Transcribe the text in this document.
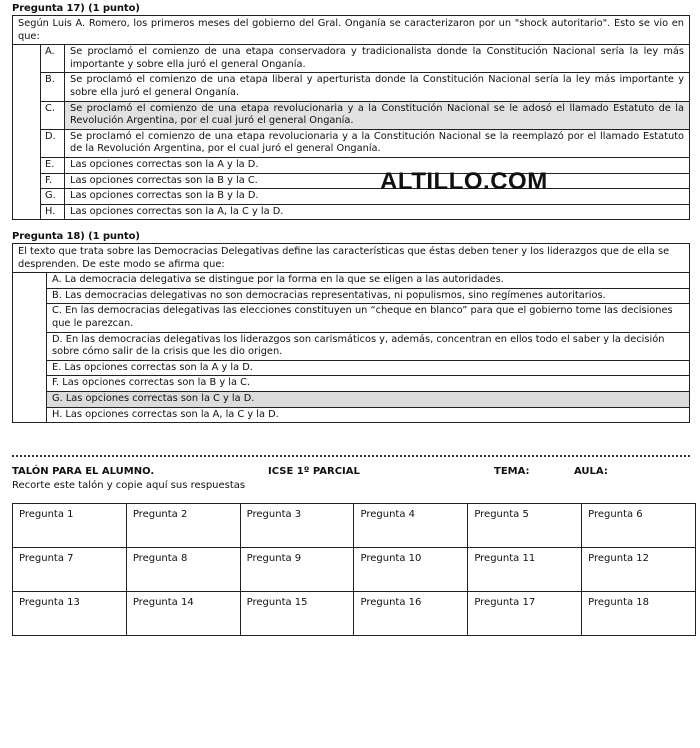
Pregunta 17) (1 punto)
Según Luis A. Romero, los primeros meses del gobierno del Gral. Onganía se caracterizaron por un "shock autoritario". Esto se vio en que:		
	A.	Se proclamó el comienzo de una etapa conservadora y tradicionalista donde la Constitución Nacional sería la ley más importante y sobre ella juró el general Onganía.
	B.	Se proclamó el comienzo de una etapa liberal y aperturista donde la Constitución Nacional sería la ley más importante y sobre ella juró el general Onganía.
	C.	Se proclamó el comienzo de una etapa revolucionaria y a la Constitución Nacional se le adosó el llamado Estatuto de la Revolución Argentina, por el cual juró el general Onganía.
	D.	Se proclamó el comienzo de una etapa revolucionaria y a la Constitución Nacional se la reemplazó por el llamado Estatuto de la Revolución Argentina, por el cual juró el general Onganía.
	E.	Las opciones correctas son la A y la D.
	F.	Las opciones correctas son la B y la C.
	G.	Las opciones correctas son la B y la D.
	H.	Las opciones correctas son la A, la C y la D.
ALTILLO.COM
Pregunta 18) (1 punto)
El texto que trata sobre las Democracias Delegativas define las características que éstas deben tener y los liderazgos que de ella se desprenden. De este modo se afirma que:	
	A. La democracia delegativa se distingue por la forma en la que se eligen a las autoridades.
	B. Las democracias delegativas no son democracias representativas, ni populismos, sino regímenes autoritarios.
	C. En las democracias delegativas las elecciones constituyen un “cheque en blanco” para que el gobierno tome las decisiones que le parezcan.
	D. En las democracias delegativas los liderazgos son carismáticos y, además, concentran en ellos todo el saber y la decisión sobre cómo salir de la crisis que les dio origen.
	E. Las opciones correctas son la A y la D.
	F. Las opciones correctas son la B y la C.
	G. Las opciones correctas son la C y la D.
	H. Las opciones correctas son la A, la C y la D.
TALÓN PARA EL ALUMNO.	ICSE 1º PARCIAL	TEMA:	AULA:
Recorte este talón y copie aquí sus respuestas
Pregunta 1	Pregunta 2	Pregunta 3	Pregunta 4	Pregunta 5	Pregunta 6
Pregunta 7	Pregunta 8	Pregunta 9	Pregunta 10	Pregunta 11	Pregunta 12
Pregunta 13	Pregunta 14	Pregunta 15	Pregunta 16	Pregunta 17	Pregunta 18
